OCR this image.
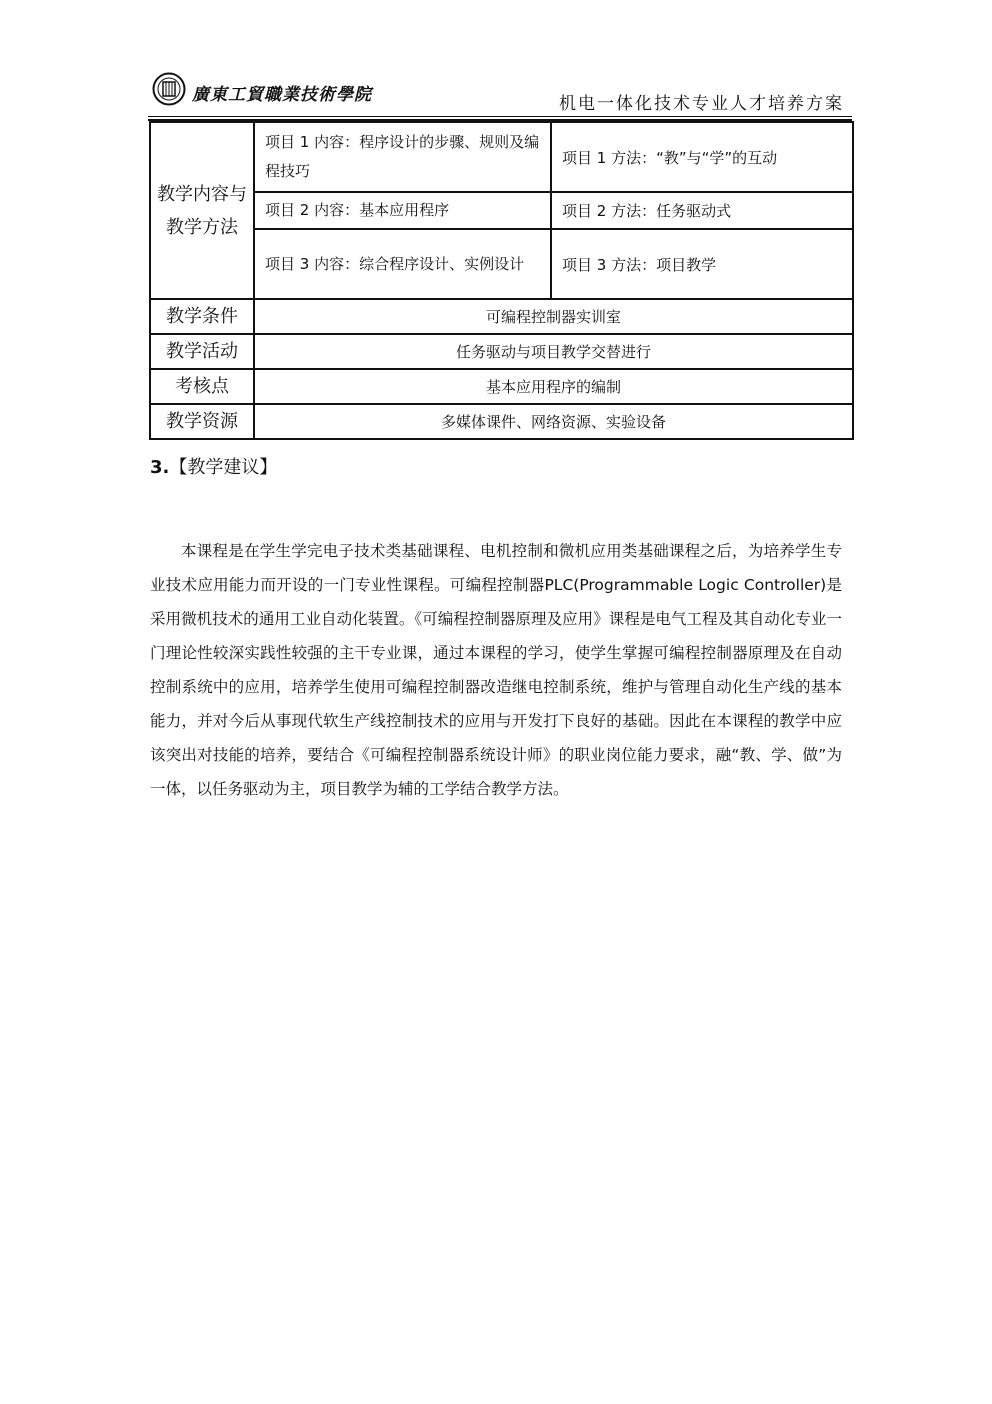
廣東工貿職業技術學院	机电一体化技术专业人才培养方案
教学内容与教学方法	项目 1 内容：程序设计的步骤、规则及编程技巧	项目 1 方法：“教”与“学”的互动
	项目 2 内容：基本应用程序	项目 2 方法：任务驱动式
	项目 3 内容：综合程序设计、实例设计	项目 3 方法：项目教学
教学条件	可编程控制器实训室	
教学活动	任务驱动与项目教学交替进行	
考核点	基本应用程序的编制	
教学资源	多媒体课件、网络资源、实验设备	
3.【教学建议】

本课程是在学生学完电子技术类基础课程、电机控制和微机应用类基础课程之后，为培养学生专业技术应用能力而开设的一门专业性课程。可编程控制器PLC(Programmable Logic Controller)是采用微机技术的通用工业自动化装置。《可编程控制器原理及应用》课程是电气工程及其自动化专业一门理论性较深实践性较强的主干专业课，通过本课程的学习，使学生掌握可编程控制器原理及在自动控制系统中的应用，培养学生使用可编程控制器改造继电控制系统，维护与管理自动化生产线的基本能力，并对今后从事现代软生产线控制技术的应用与开发打下良好的基础。因此在本课程的教学中应该突出对技能的培养，要结合《可编程控制器系统设计师》的职业岗位能力要求，融“教、学、做”为一体，以任务驱动为主，项目教学为辅的工学结合教学方法。
